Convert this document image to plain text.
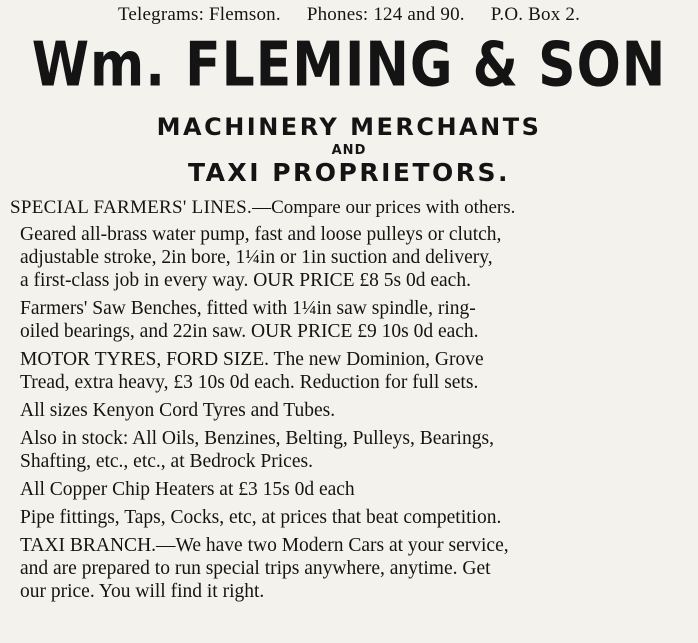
Telegrams: Flemson. Phones: 124 and 90. P.O. Box 2.
Wm. FLEMING & SON
MACHINERY MERCHANTS
AND
TAXI PROPRIETORS.

SPECIAL FARMERS' LINES.—Compare our prices with others.

Geared all-brass water pump, fast and loose pulleys or clutch,
adjustable stroke, 2in bore, 1¼in or 1in suction and delivery,
a first-class job in every way. OUR PRICE £8 5s 0d each.

Farmers' Saw Benches, fitted with 1¼in saw spindle, ring-
oiled bearings, and 22in saw. OUR PRICE £9 10s 0d each.

MOTOR TYRES, FORD SIZE. The new Dominion, Grove
Tread, extra heavy, £3 10s 0d each. Reduction for full sets.

All sizes Kenyon Cord Tyres and Tubes.

Also in stock: All Oils, Benzines, Belting, Pulleys, Bearings,
Shafting, etc., etc., at Bedrock Prices.

All Copper Chip Heaters at £3 15s 0d each

Pipe fittings, Taps, Cocks, etc, at prices that beat competition.

TAXI BRANCH.—We have two Modern Cars at your service,
and are prepared to run special trips anywhere, anytime. Get
our price. You will find it right.
